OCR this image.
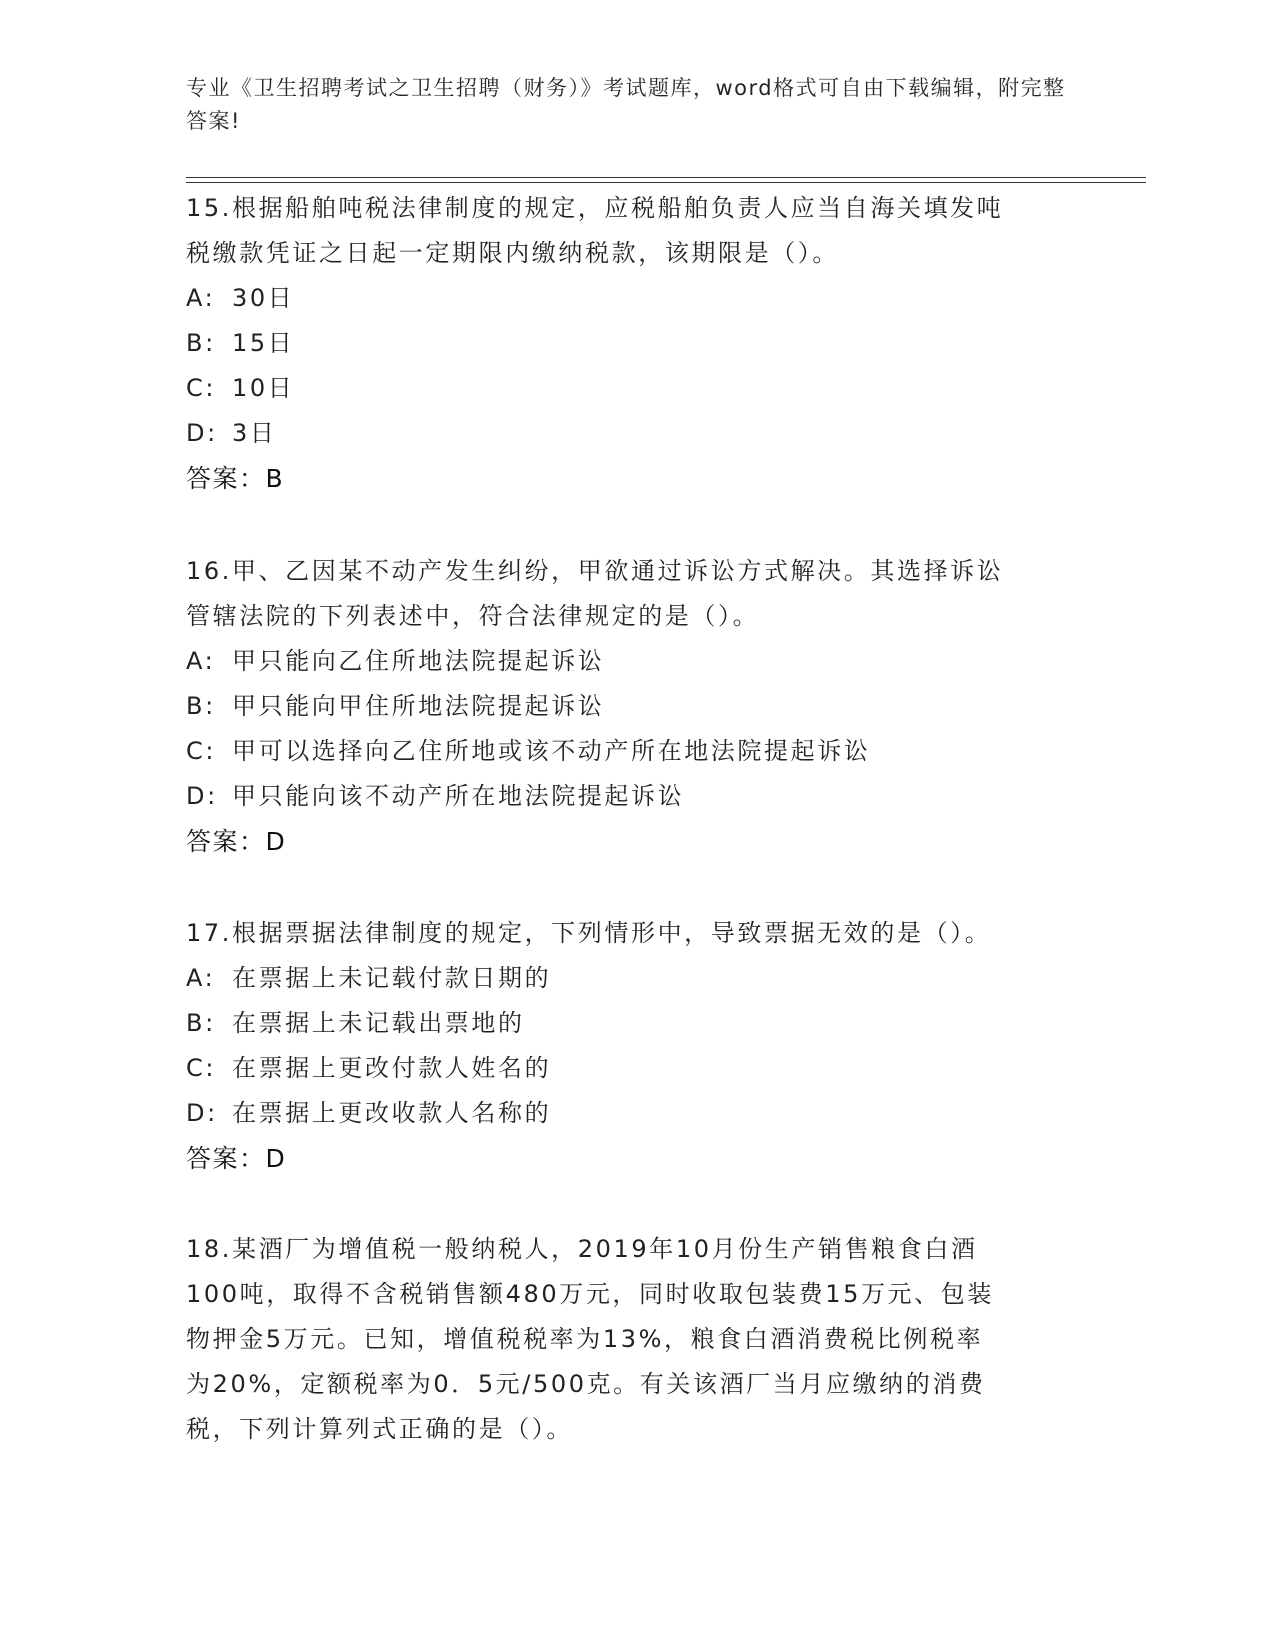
专业《卫生招聘考试之卫生招聘（财务）》考试题库，word格式可自由下载编辑，附完整答案!

15.根据船舶吨税法律制度的规定，应税船舶负责人应当自海关填发吨

税缴款凭证之日起一定期限内缴纳税款，该期限是（）。

A: 30日
B: 15日
C: 10日
D: 3日
答案：B

16.甲、乙因某不动产发生纠纷，甲欲通过诉讼方式解决。其选择诉讼

管辖法院的下列表述中，符合法律规定的是（）。

A: 甲只能向乙住所地法院提起诉讼
B: 甲只能向甲住所地法院提起诉讼
C: 甲可以选择向乙住所地或该不动产所在地法院提起诉讼
D: 甲只能向该不动产所在地法院提起诉讼
答案：D

17.根据票据法律制度的规定，下列情形中，导致票据无效的是（）。

A: 在票据上未记载付款日期的
B: 在票据上未记载出票地的
C: 在票据上更改付款人姓名的
D: 在票据上更改收款人名称的
答案：D

18.某酒厂为增值税一般纳税人，2019年10月份生产销售粮食白酒

100吨，取得不含税销售额480万元，同时收取包装费15万元、包装

物押金5万元。已知，增值税税率为13%，粮食白酒消费税比例税率

为20%，定额税率为0．5元/500克。有关该酒厂当月应缴纳的消费

税，下列计算列式正确的是（）。
